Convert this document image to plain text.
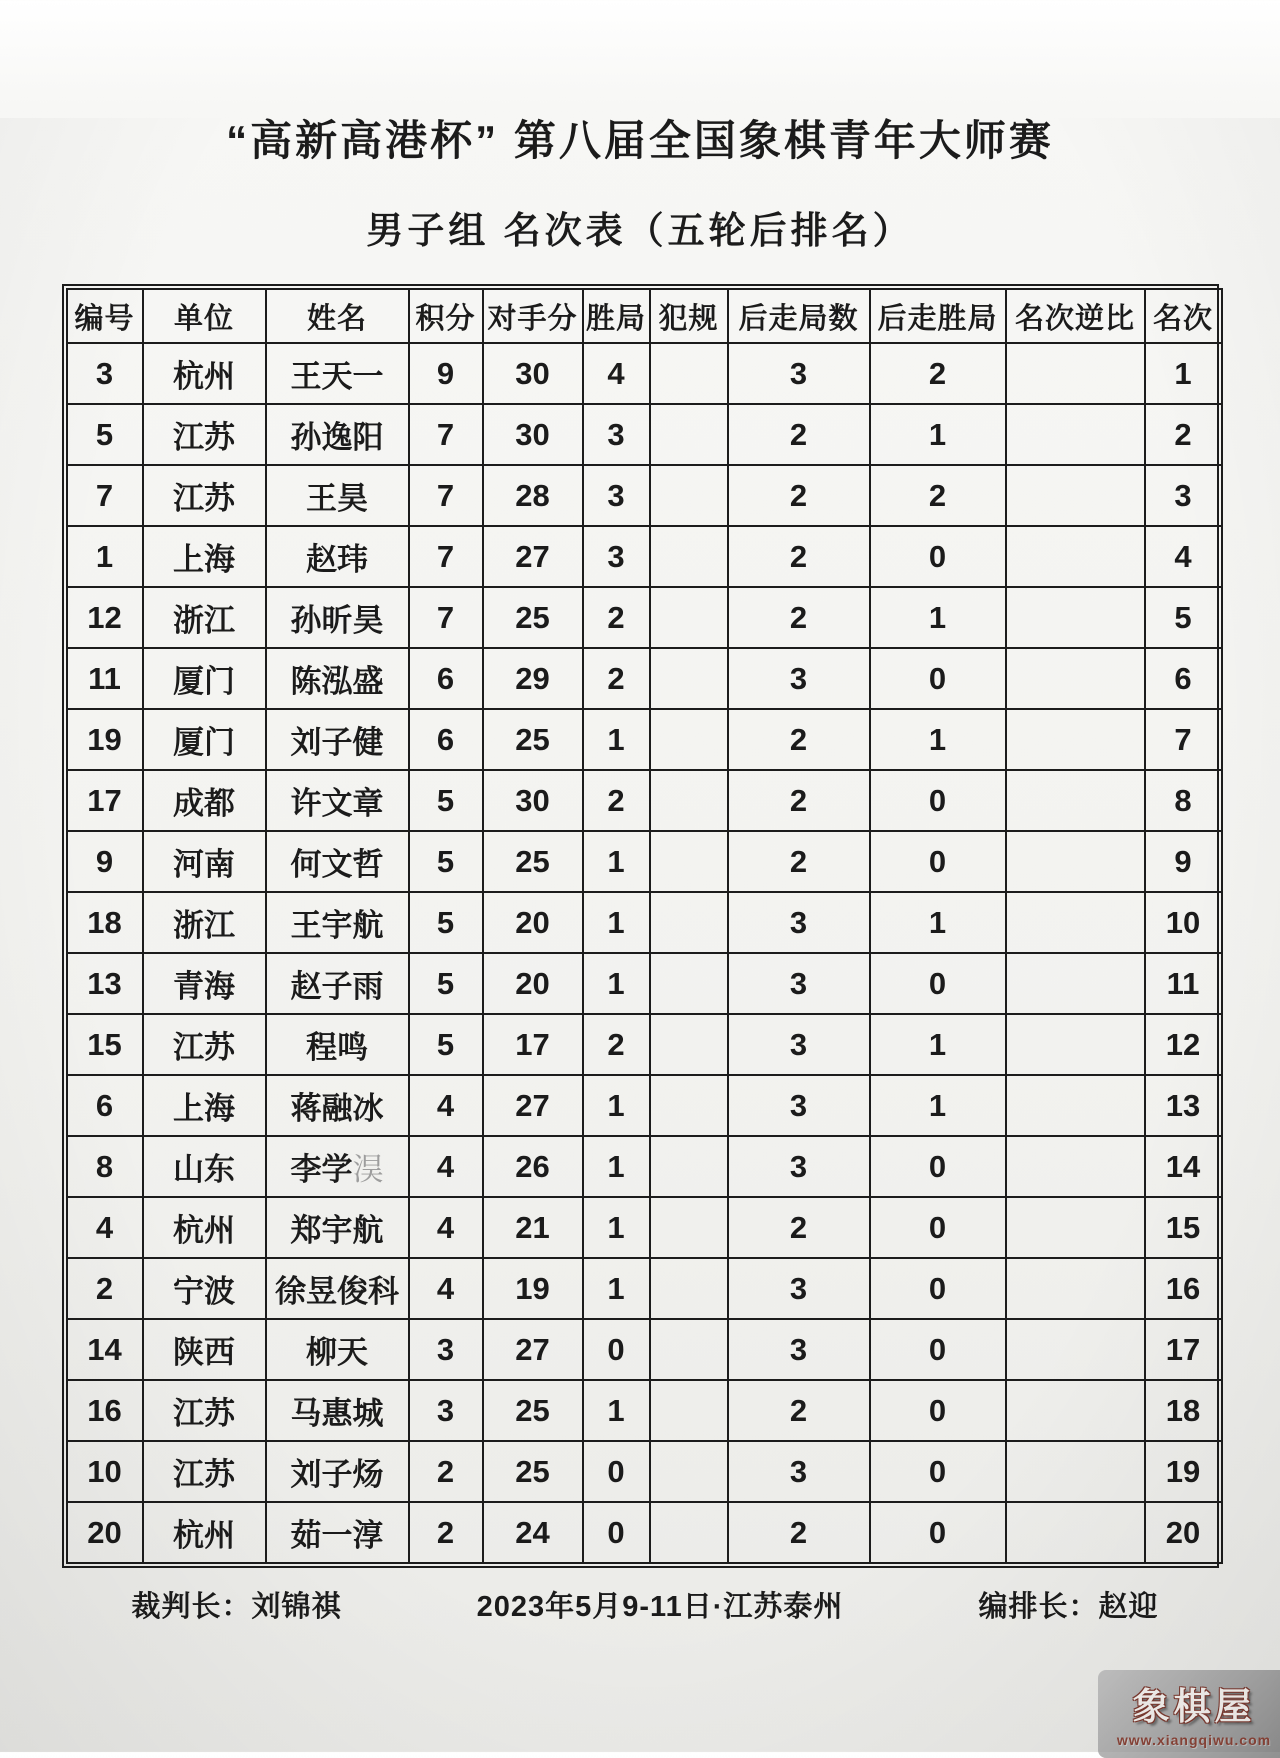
“高新高港杯” 第八届全国象棋青年大师赛
男子组 名次表（五轮后排名）
编号	单位	姓名	积分	对手分	胜局	犯规	后走局数	后走胜局	名次逆比	名次
3	杭州	王天一	9	30	4		3	2		1
5	江苏	孙逸阳	7	30	3		2	1		2
7	江苏	王昊	7	28	3		2	2		3
1	上海	赵玮	7	27	3		2	0		4
12	浙江	孙昕昊	7	25	2		2	1		5
11	厦门	陈泓盛	6	29	2		3	0		6
19	厦门	刘子健	6	25	1		2	1		7
17	成都	许文章	5	30	2		2	0		8
9	河南	何文哲	5	25	1		2	0		9
18	浙江	王宇航	5	20	1		3	1		10
13	青海	赵子雨	5	20	1		3	0		11
15	江苏	程鸣	5	17	2		3	1		12
6	上海	蒋融冰	4	27	1		3	1		13
8	山东	李学淏	4	26	1		3	0		14
4	杭州	郑宇航	4	21	1		2	0		15
2	宁波	徐昱俊科	4	19	1		3	0		16
14	陕西	柳天	3	27	0		3	0		17
16	江苏	马惠城	3	25	1		2	0		18
10	江苏	刘子炀	2	25	0		3	0		19
20	杭州	茹一淳	2	24	0		2	0		20
裁判长：刘锦祺	2023年5月9-11日·江苏泰州	编排长：赵迎
象棋屋
www.xiangqiwu.com
